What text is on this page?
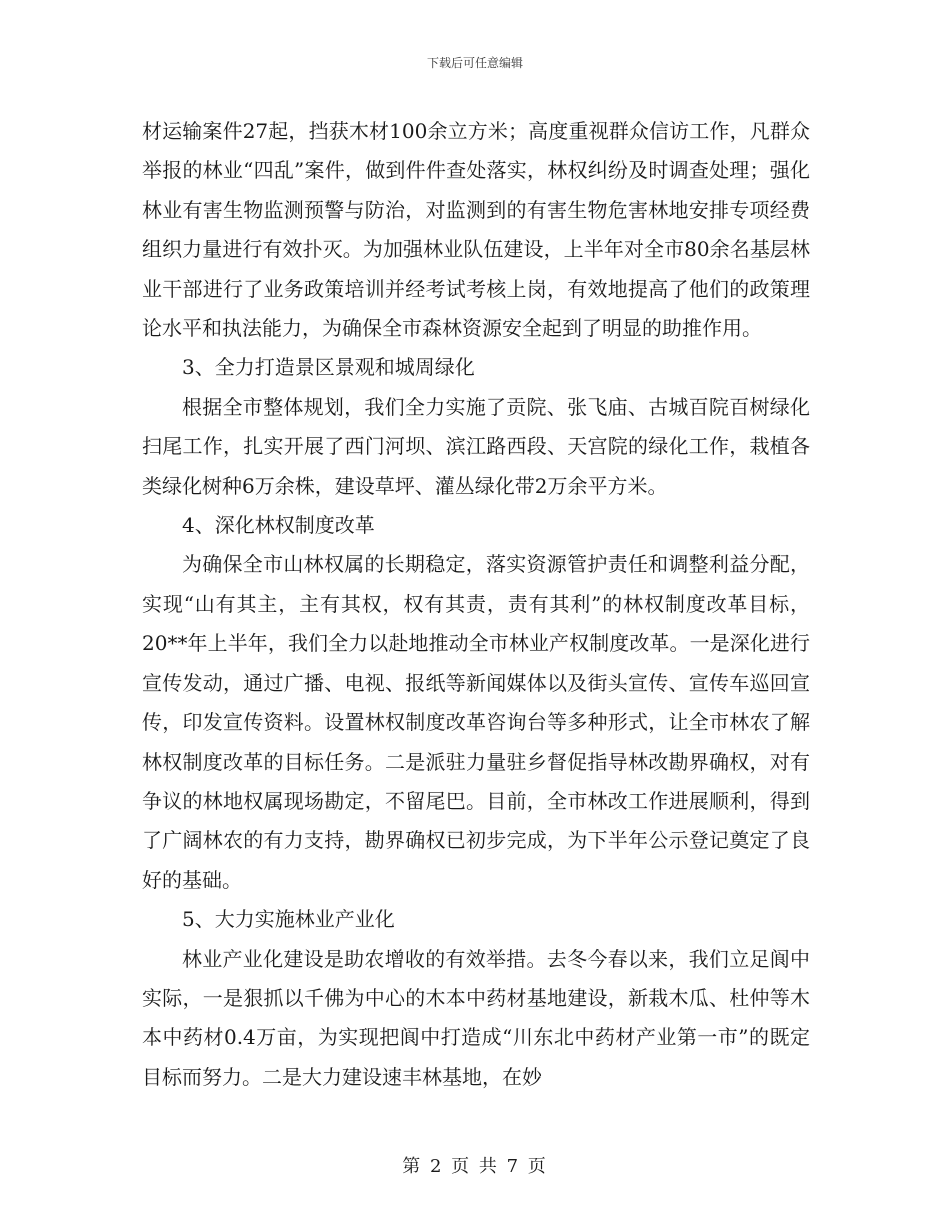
下载后可任意编辑

材运输案件27起，挡获木材100余立方米；高度重视群众信访工作，凡群众举报的林业“四乱”案件，做到件件查处落实，林权纠纷及时调查处理；强化林业有害生物监测预警与防治，对监测到的有害生物危害林地安排专项经费组织力量进行有效扑灭。为加强林业队伍建设，上半年对全市80余名基层林业干部进行了业务政策培训并经考试考核上岗，有效地提高了他们的政策理论水平和执法能力，为确保全市森林资源安全起到了明显的助推作用。

3、全力打造景区景观和城周绿化

根据全市整体规划，我们全力实施了贡院、张飞庙、古城百院百树绿化扫尾工作，扎实开展了西门河坝、滨江路西段、天宫院的绿化工作，栽植各类绿化树种6万余株，建设草坪、灌丛绿化带2万余平方米。

4、深化林权制度改革

为确保全市山林权属的长期稳定，落实资源管护责任和调整利益分配，实现“山有其主，主有其权，权有其责，责有其利”的林权制度改革目标，20**年上半年，我们全力以赴地推动全市林业产权制度改革。一是深化进行宣传发动，通过广播、电视、报纸等新闻媒体以及街头宣传、宣传车巡回宣传，印发宣传资料。设置林权制度改革咨询台等多种形式，让全市林农了解林权制度改革的目标任务。二是派驻力量驻乡督促指导林改勘界确权，对有争议的林地权属现场勘定，不留尾巴。目前，全市林改工作进展顺利，得到了广阔林农的有力支持，勘界确权已初步完成，为下半年公示登记奠定了良好的基础。

5、大力实施林业产业化

林业产业化建设是助农增收的有效举措。去冬今春以来，我们立足阆中实际，一是狠抓以千佛为中心的木本中药材基地建设，新栽木瓜、杜仲等木本中药材0.4万亩，为实现把阆中打造成“川东北中药材产业第一市”的既定目标而努力。二是大力建设速丰林基地，在妙

第 2 页 共 7 页
